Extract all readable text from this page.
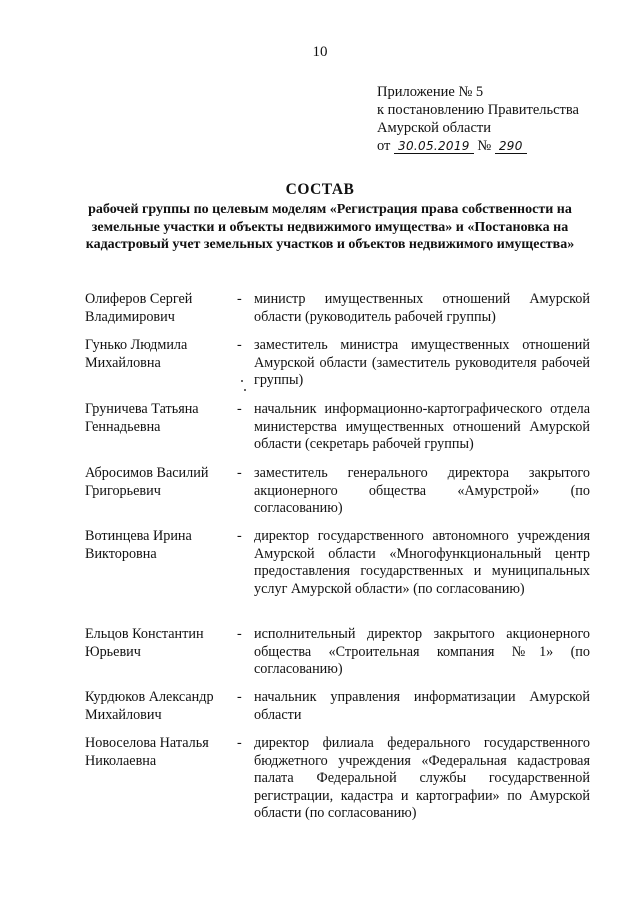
10
Приложение № 5
к постановлению Правительства
Амурской области
от 30.05.2019 № 290
СОСТАВ
рабочей группы по целевым моделям «Регистрация права собственности на земельные участки и объекты недвижимого имущества» и «Постановка на кадастровый учет земельных участков и объектов недвижимого имущества»
Олиферов Сергей Владимирович
- министр имущественных отношений Амурской области (руководитель рабочей группы)
Гунько Людмила Михайловна
- заместитель министра имущественных отношений Амурской области (заместитель руководителя рабочей группы)
Груничева Татьяна Геннадьевна
- начальник информационно-картографического отдела министерства имущественных отношений Амурской области (секретарь рабочей группы)
Абросимов Василий Григорьевич
- заместитель генерального директора закрытого акционерного общества «Амурстрой» (по согласованию)
Вотинцева Ирина Викторовна
- директор государственного автономного учреждения Амурской области «Многофункциональный центр предоставления государственных и муниципальных услуг Амурской области» (по согласованию)
Ельцов Константин Юрьевич
- исполнительный директор закрытого акционерного общества «Строительная компания №1» (по согласованию)
Курдюков Александр Михайлович
- начальник управления информатизации Амурской области
Новоселова Наталья Николаевна
- директор филиала федерального государственного бюджетного учреждения «Федеральная кадастровая палата Федеральной службы государственной регистрации, кадастра и картографии» по Амурской области (по согласованию)
